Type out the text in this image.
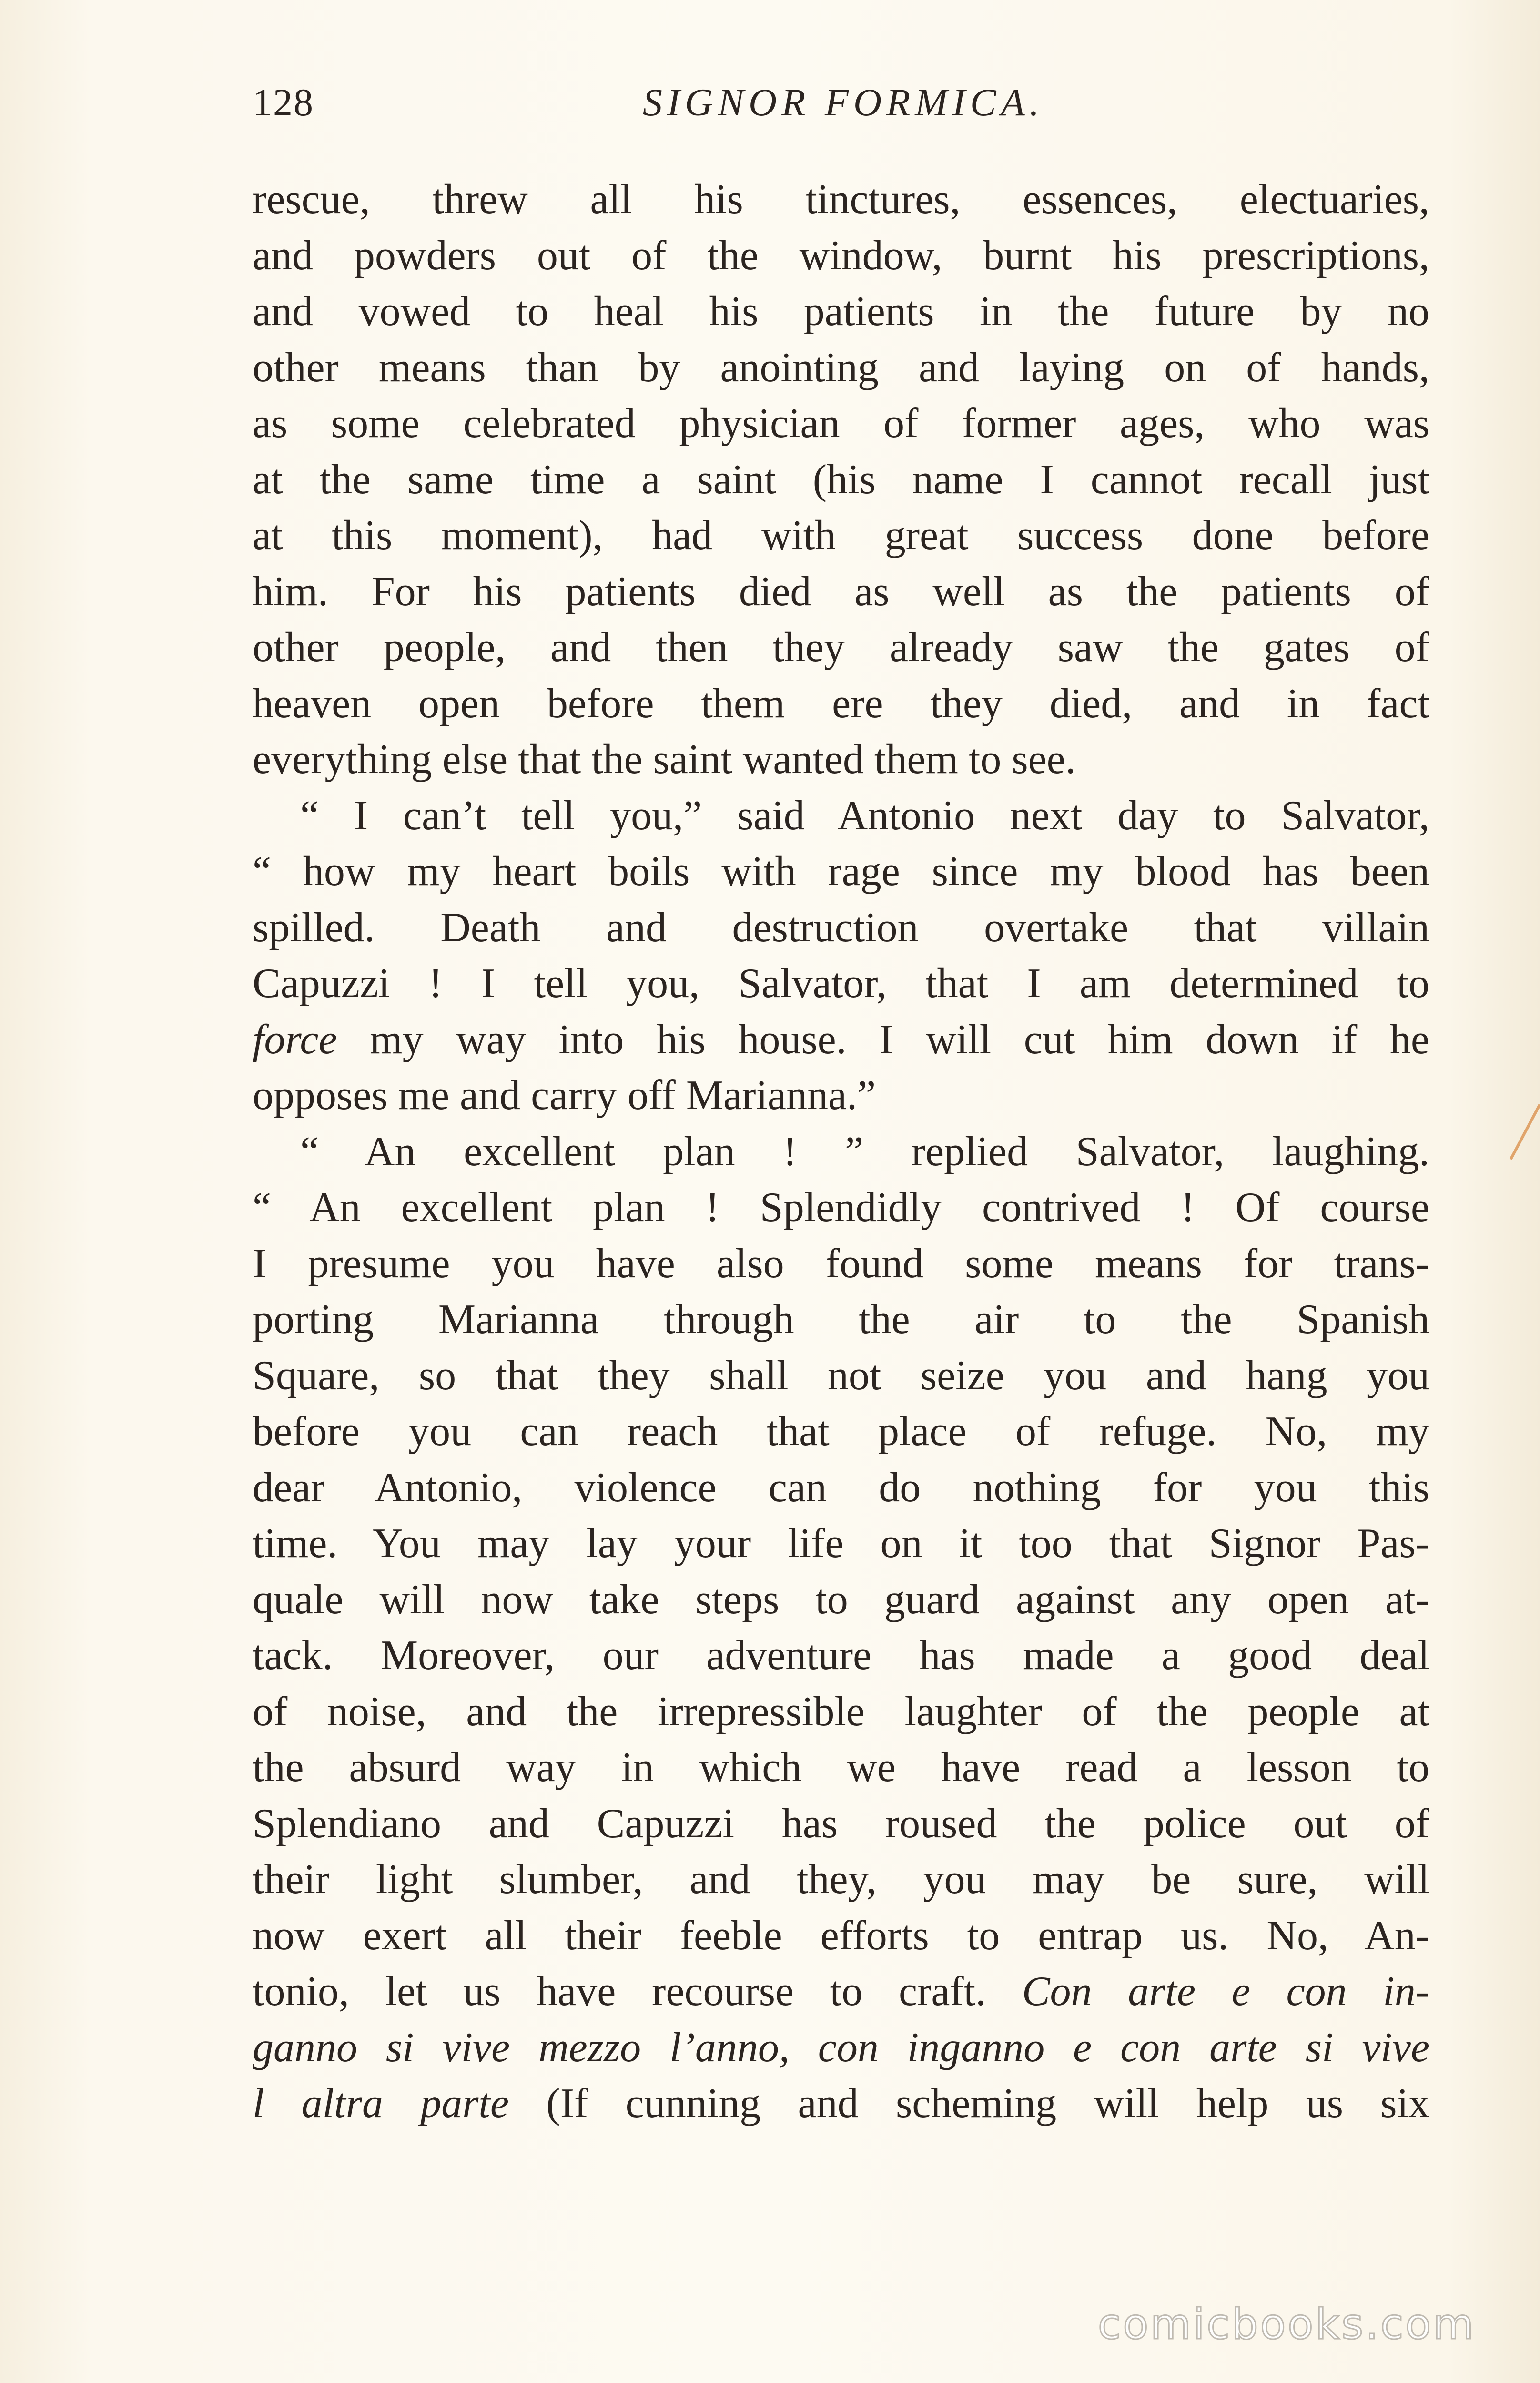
128	SIGNOR FORMICA.
rescue, threw all his tinctures, essences, electuaries,
and powders out of the window, burnt his prescriptions,
and vowed to heal his patients in the future by no
other means than by anointing and laying on of hands,
as some celebrated physician of former ages, who was
at the same time a saint (his name I cannot recall just
at this moment), had with great success done before
him. For his patients died as well as the patients of
other people, and then they already saw the gates of
heaven open before them ere they died, and in fact
everything else that the saint wanted them to see.
“ I can’t tell you,” said Antonio next day to Salvator,
“ how my heart boils with rage since my blood has been
spilled. Death and destruction overtake that villain
Capuzzi ! I tell you, Salvator, that I am determined to
force my way into his house. I will cut him down if he
opposes me and carry off Marianna.”
“ An excellent plan ! ” replied Salvator, laughing.
“ An excellent plan ! Splendidly contrived ! Of course
I presume you have also found some means for trans-
porting Marianna through the air to the Spanish
Square, so that they shall not seize you and hang you
before you can reach that place of refuge. No, my
dear Antonio, violence can do nothing for you this
time. You may lay your life on it too that Signor Pas-
quale will now take steps to guard against any open at-
tack. Moreover, our adventure has made a good deal
of noise, and the irrepressible laughter of the people at
the absurd way in which we have read a lesson to
Splendiano and Capuzzi has roused the police out of
their light slumber, and they, you may be sure, will
now exert all their feeble efforts to entrap us. No, An-
tonio, let us have recourse to craft. Con arte e con in-
ganno si vive mezzo l’anno, con inganno e con arte si vive
l altra parte (If cunning and scheming will help us six
comicbooks.com
